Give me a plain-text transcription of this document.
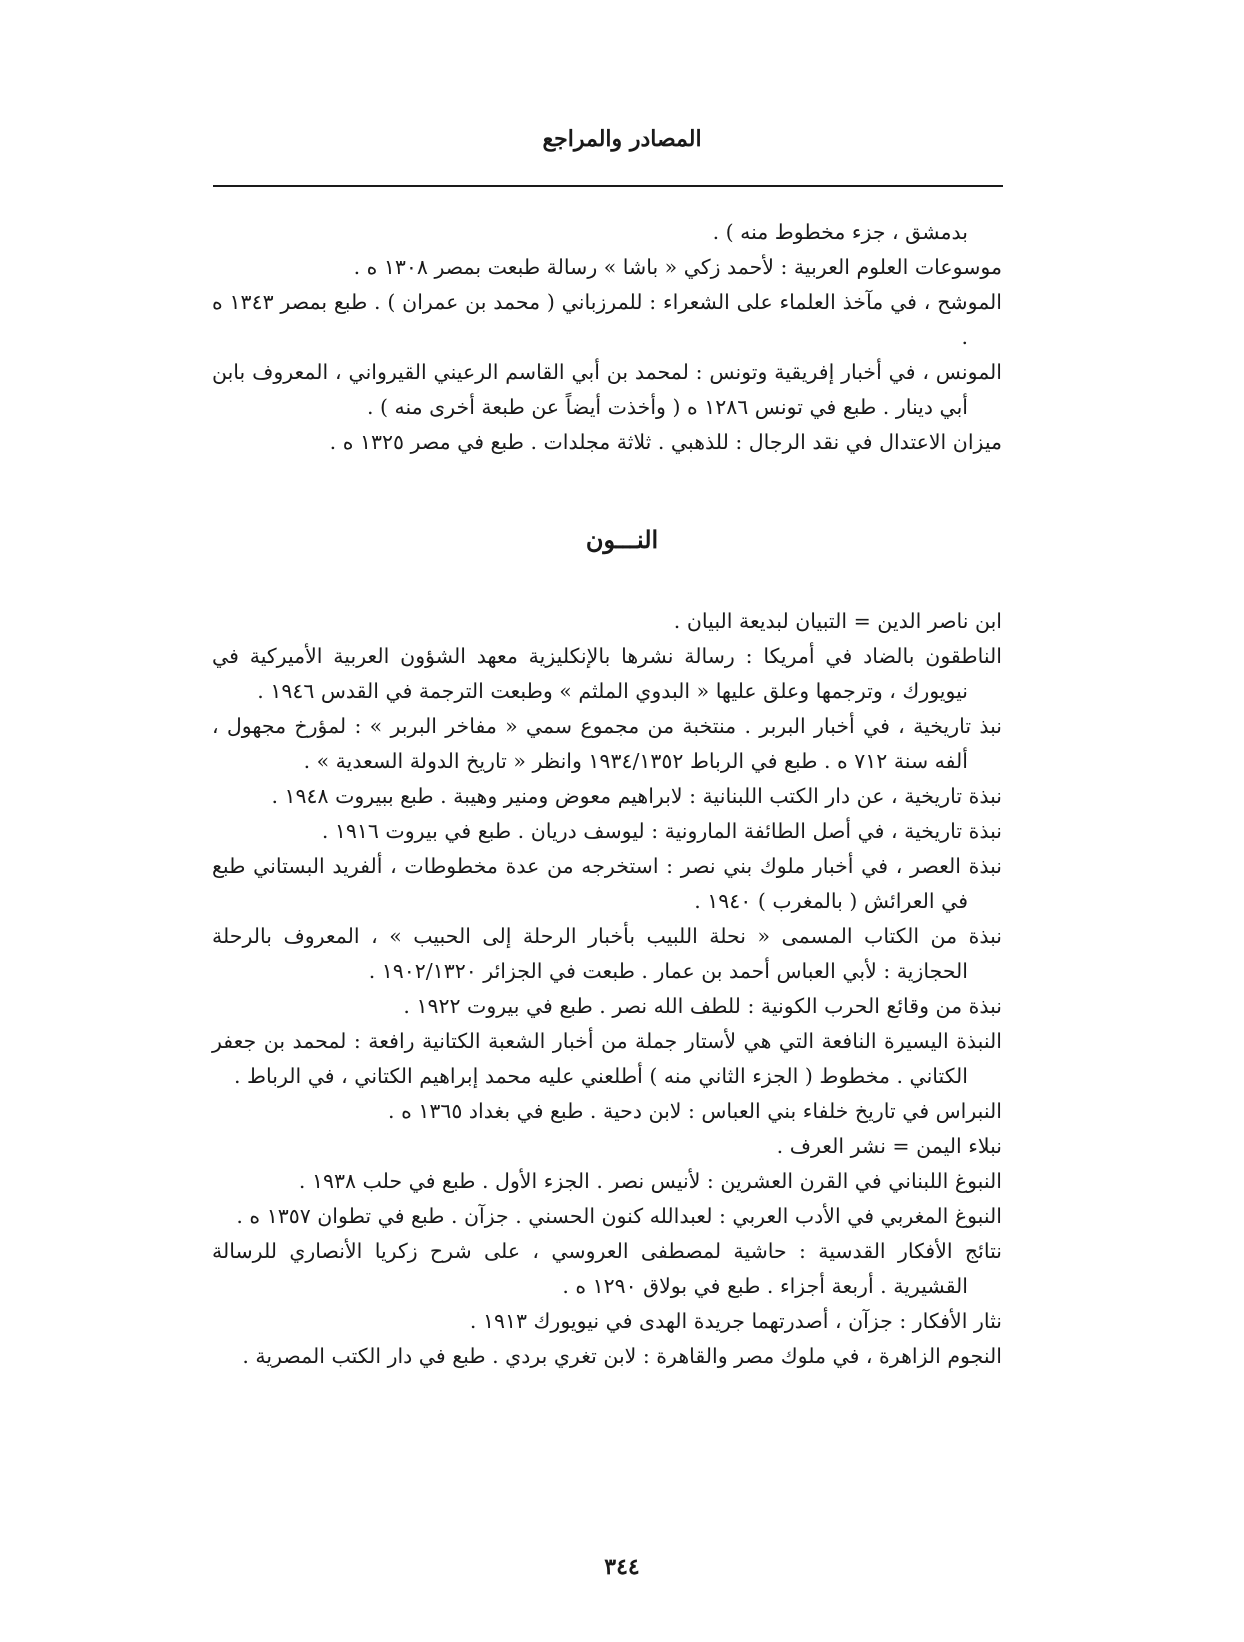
المصادر والمراجع

بدمشق ، جزء مخطوط منه ) .

موسوعات العلوم العربية : لأحمد زكي « باشا » رسالة طبعت بمصر ١٣٠٨ ه .

الموشح ، في مآخذ العلماء على الشعراء : للمرزباني ( محمد بن عمران ) . طبع بمصر ١٣٤٣ ه .

المونس ، في أخبار إفريقية وتونس : لمحمد بن أبي القاسم الرعيني القيرواني ، المعروف بابن أبي دينار . طبع في تونس ١٢٨٦ ه ( وأخذت أيضاً عن طبعة أخرى منه ) .

ميزان الاعتدال في نقد الرجال : للذهبي . ثلاثة مجلدات . طبع في مصر ١٣٢٥ ه .

النـــون

ابن ناصر الدين = التبيان لبديعة البيان .

الناطقون بالضاد في أمريكا : رسالة نشرها بالإنكليزية معهد الشؤون العربية الأميركية في نيويورك ، وترجمها وعلق عليها « البدوي الملثم » وطبعت الترجمة في القدس ١٩٤٦ .

نبذ تاريخية ، في أخبار البربر . منتخبة من مجموع سمي « مفاخر البربر » : لمؤرخ مجهول ، ألفه سنة ٧١٢ ه . طبع في الرباط ١٩٣٤/١٣٥٢ وانظر « تاريخ الدولة السعدية » .

نبذة تاريخية ، عن دار الكتب اللبنانية : لابراهيم معوض ومنير وهيبة . طبع ببيروت ١٩٤٨ .

نبذة تاريخية ، في أصل الطائفة المارونية : ليوسف دريان . طبع في بيروت ١٩١٦ .

نبذة العصر ، في أخبار ملوك بني نصر : استخرجه من عدة مخطوطات ، ألفريد البستاني طبع في العرائش ( بالمغرب ) ١٩٤٠ .

نبذة من الكتاب المسمى « نحلة اللبيب بأخبار الرحلة إلى الحبيب » ، المعروف بالرحلة الحجازية : لأبي العباس أحمد بن عمار . طبعت في الجزائر ١٩٠٢/١٣٢٠ .

نبذة من وقائع الحرب الكونية : للطف الله نصر . طبع في بيروت ١٩٢٢ .

النبذة اليسيرة النافعة التي هي لأستار جملة من أخبار الشعبة الكتانية رافعة : لمحمد بن جعفر الكتاني . مخطوط ( الجزء الثاني منه ) أطلعني عليه محمد إبراهيم الكتاني ، في الرباط .

النبراس في تاريخ خلفاء بني العباس : لابن دحية . طبع في بغداد ١٣٦٥ ه .

نبلاء اليمن = نشر العرف .

النبوغ اللبناني في القرن العشرين : لأنيس نصر . الجزء الأول . طبع في حلب ١٩٣٨ .

النبوغ المغربي في الأدب العربي : لعبدالله كنون الحسني . جزآن . طبع في تطوان ١٣٥٧ ه .

نتائج الأفكار القدسية : حاشية لمصطفى العروسي ، على شرح زكريا الأنصاري للرسالة القشيرية . أربعة أجزاء . طبع في بولاق ١٢٩٠ ه .

نثار الأفكار : جزآن ، أصدرتهما جريدة الهدى في نيويورك ١٩١٣ .

النجوم الزاهرة ، في ملوك مصر والقاهرة : لابن تغري بردي . طبع في دار الكتب المصرية .

٣٤٤
